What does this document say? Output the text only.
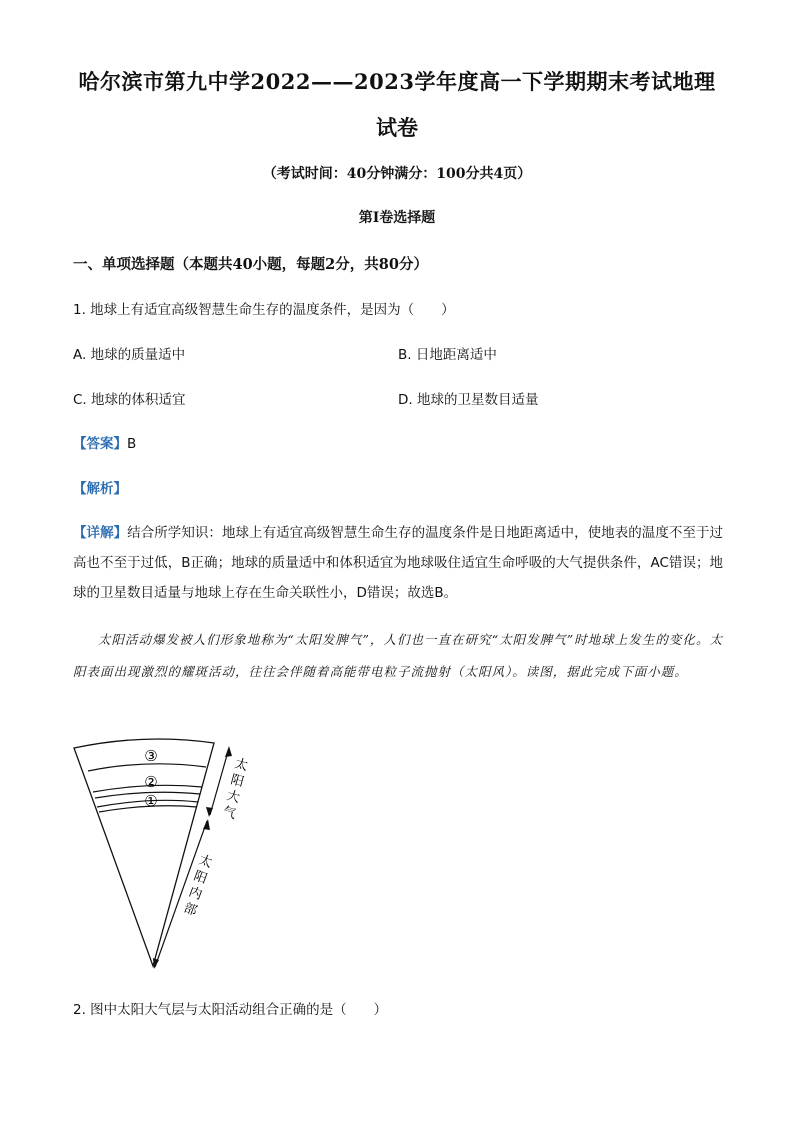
哈尔滨市第九中学2022——2023学年度高一下学期期末考试地理
试卷
（考试时间：40分钟满分：100分共4页）
第Ⅰ卷选择题
一、单项选择题（本题共40小题，每题2分，共80分）
1. 地球上有适宜高级智慧生命生存的温度条件，是因为（　　）
A. 地球的质量适中	B. 日地距离适中
C. 地球的体积适宜	D. 地球的卫星数目适量
【答案】B
【解析】
【详解】结合所学知识：地球上有适宜高级智慧生命生存的温度条件是日地距离适中，使地表的温度不至于过高也不至于过低，B正确；地球的质量适中和体积适宜为地球吸住适宜生命呼吸的大气提供条件，AC错误；地球的卫星数目适量与地球上存在生命关联性小，D错误；故选B。
太阳活动爆发被人们形象地称为“太阳发脾气”，人们也一直在研究“太阳发脾气”时地球上发生的变化。太阳表面出现激烈的耀斑活动，往往会伴随着高能带电粒子流抛射（太阳风）。读图，据此完成下面小题。
③
②
①
太
阳
大
气
太
阳
内
部
2. 图中太阳大气层与太阳活动组合正确的是（　　）
